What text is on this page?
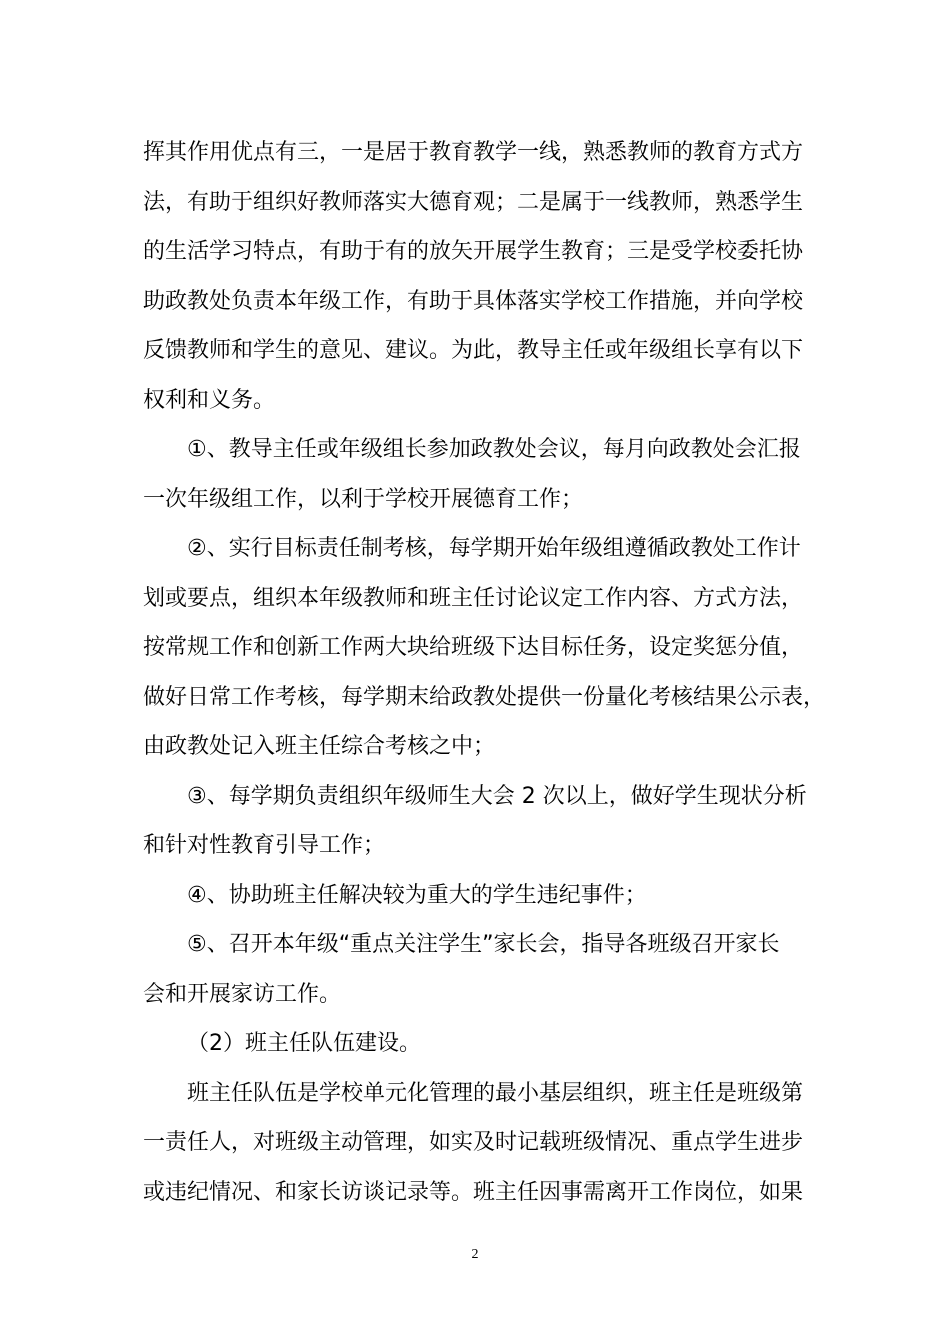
挥其作用优点有三，一是居于教育教学一线，熟悉教师的教育方式方
法，有助于组织好教师落实大德育观；二是属于一线教师，熟悉学生
的生活学习特点，有助于有的放矢开展学生教育；三是受学校委托协
助政教处负责本年级工作，有助于具体落实学校工作措施，并向学校
反馈教师和学生的意见、建议。为此，教导主任或年级组长享有以下
权利和义务。
①、教导主任或年级组长参加政教处会议，每月向政教处会汇报
一次年级组工作，以利于学校开展德育工作；
②、实行目标责任制考核，每学期开始年级组遵循政教处工作计
划或要点，组织本年级教师和班主任讨论议定工作内容、方式方法，
按常规工作和创新工作两大块给班级下达目标任务，设定奖惩分值，
做好日常工作考核，每学期末给政教处提供一份量化考核结果公示表，
由政教处记入班主任综合考核之中；
③、每学期负责组织年级师生大会 2 次以上，做好学生现状分析
和针对性教育引导工作；
④、协助班主任解决较为重大的学生违纪事件；
⑤、召开本年级“重点关注学生”家长会，指导各班级召开家长
会和开展家访工作。
（2）班主任队伍建设。
班主任队伍是学校单元化管理的最小基层组织，班主任是班级第
一责任人，对班级主动管理，如实及时记载班级情况、重点学生进步
或违纪情况、和家长访谈记录等。班主任因事需离开工作岗位，如果
2
